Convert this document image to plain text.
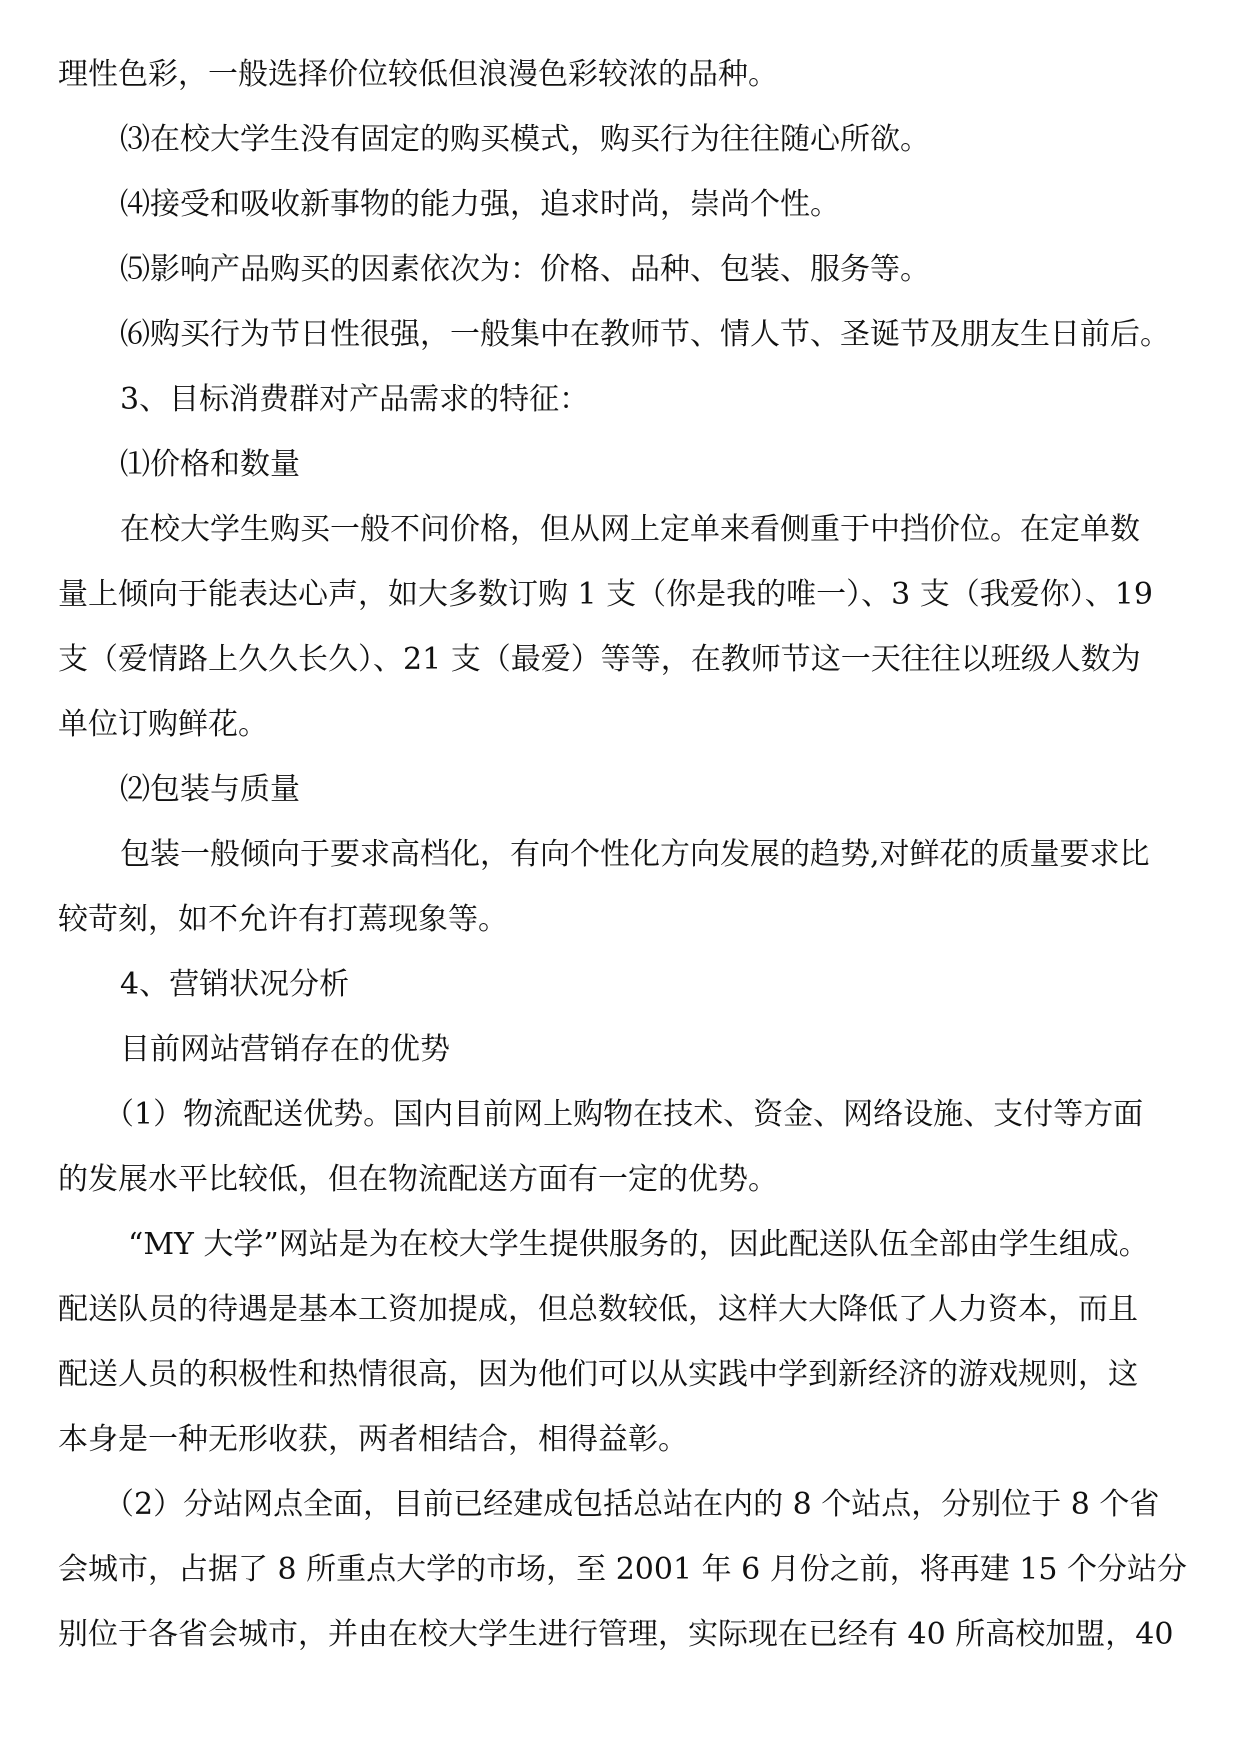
理性色彩，一般选择价位较低但浪漫色彩较浓的品种。
⑶在校大学生没有固定的购买模式，购买行为往往随心所欲。
⑷接受和吸收新事物的能力强，追求时尚，崇尚个性。
⑸影响产品购买的因素依次为：价格、品种、包装、服务等。
⑹购买行为节日性很强，一般集中在教师节、情人节、圣诞节及朋友生日前后。
3、目标消费群对产品需求的特征：
⑴价格和数量
在校大学生购买一般不问价格，但从网上定单来看侧重于中挡价位。在定单数
量上倾向于能表达心声，如大多数订购 1 支（你是我的唯一）、3 支（我爱你）、19
支（爱情路上久久长久）、21 支（最爱）等等，在教师节这一天往往以班级人数为
单位订购鲜花。
⑵包装与质量
包装一般倾向于要求高档化，有向个性化方向发展的趋势,对鲜花的质量要求比
较苛刻，如不允许有打蔫现象等。
4、营销状况分析
目前网站营销存在的优势
（1）物流配送优势。国内目前网上购物在技术、资金、网络设施、支付等方面
的发展水平比较低，但在物流配送方面有一定的优势。
“MY 大学”网站是为在校大学生提供服务的，因此配送队伍全部由学生组成。
配送队员的待遇是基本工资加提成，但总数较低，这样大大降低了人力资本，而且
配送人员的积极性和热情很高，因为他们可以从实践中学到新经济的游戏规则，这
本身是一种无形收获，两者相结合，相得益彰。
（2）分站网点全面，目前已经建成包括总站在内的 8 个站点，分别位于 8 个省
会城市，占据了 8 所重点大学的市场，至 2001 年 6 月份之前，将再建 15 个分站分
别位于各省会城市，并由在校大学生进行管理，实际现在已经有 40 所高校加盟，40
